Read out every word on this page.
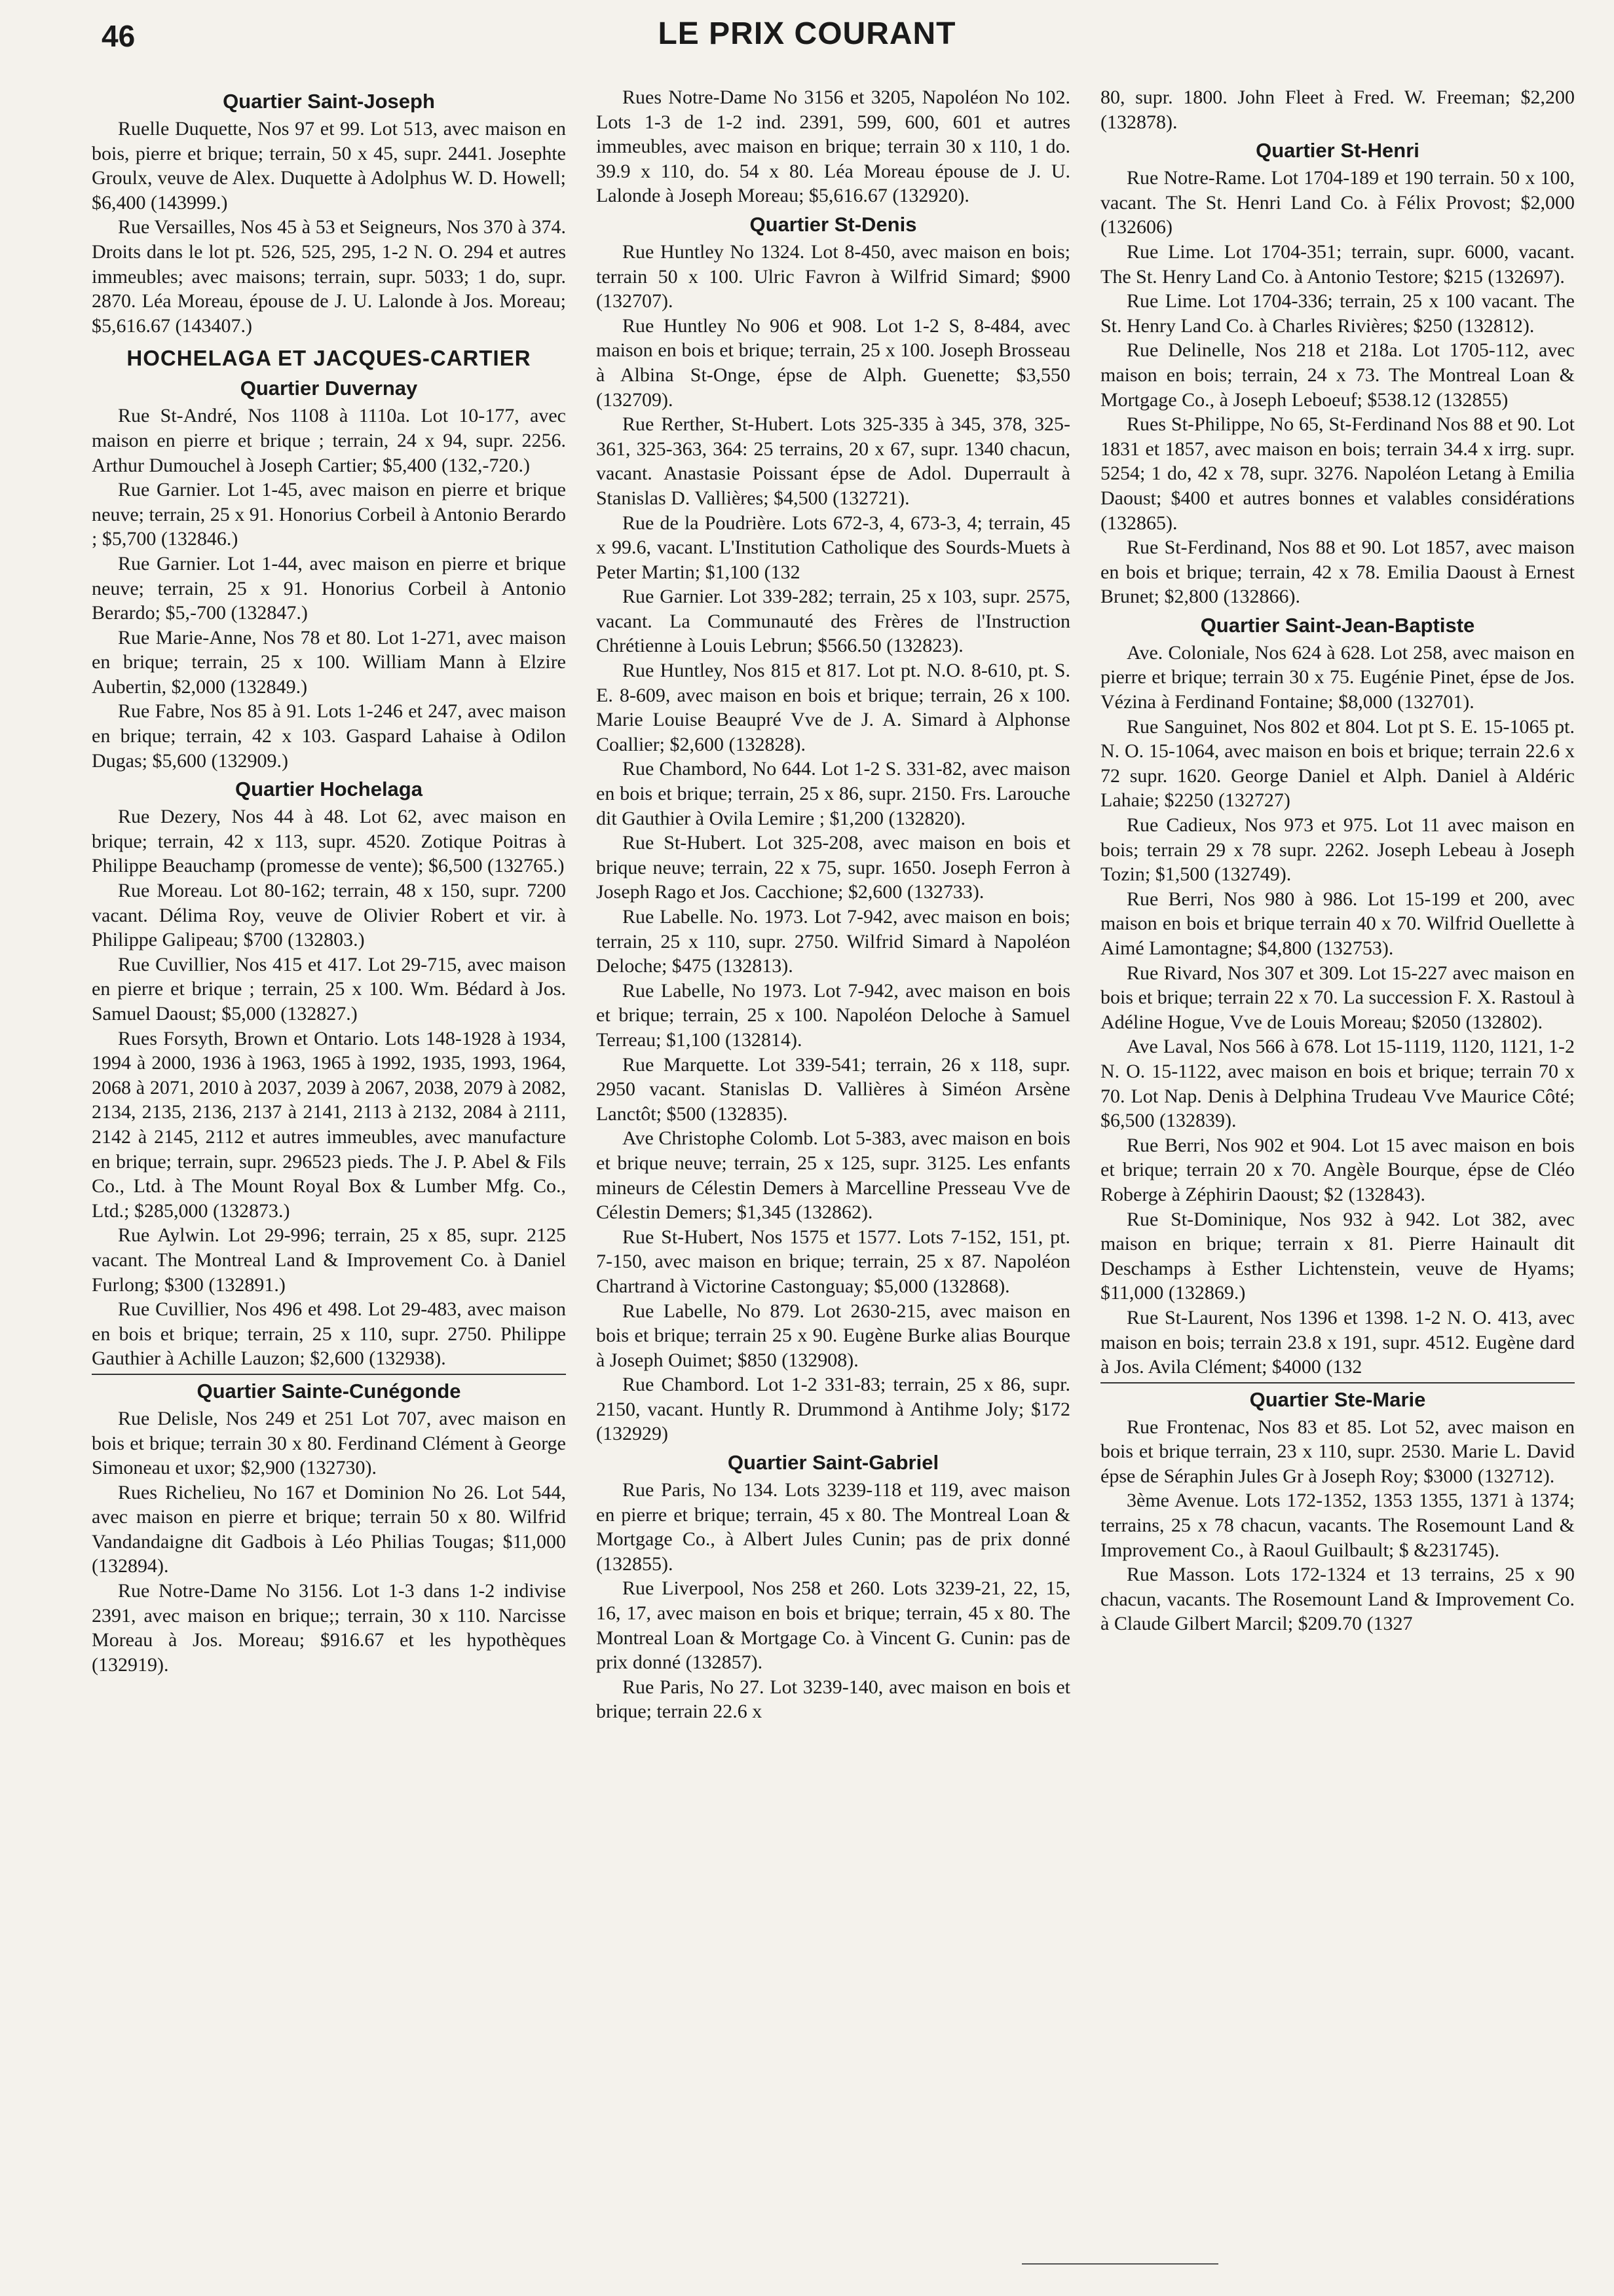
46	LE PRIX COURANT
Quartier Saint-Joseph

Ruelle Duquette, Nos 97 et 99. Lot 513, avec maison en bois, pierre et brique; terrain, 50 x 45, supr. 2441. Josephte Groulx, veuve de Alex. Duquette à Adolphus W. D. Howell; $6,400 (143999.)

Rue Versailles, Nos 45 à 53 et Seigneurs, Nos 370 à 374. Droits dans le lot pt. 526, 525, 295, 1-2 N. O. 294 et autres immeubles; avec maisons; terrain, supr. 5033; 1 do, supr. 2870. Léa Moreau, épouse de J. U. Lalonde à Jos. Moreau; $5,616.67 (143407.)

HOCHELAGA ET JACQUES-CARTIER
Quartier Duvernay

Rue St-André, Nos 1108 à 1110a. Lot 10-177, avec maison en pierre et brique ; terrain, 24 x 94, supr. 2256. Arthur Dumouchel à Joseph Cartier; $5,400 (132,-720.)

Rue Garnier. Lot 1-45, avec maison en pierre et brique neuve; terrain, 25 x 91. Honorius Corbeil à Antonio Berardo ; $5,700 (132846.)

Rue Garnier. Lot 1-44, avec maison en pierre et brique neuve; terrain, 25 x 91. Honorius Corbeil à Antonio Berardo; $5,-700 (132847.)

Rue Marie-Anne, Nos 78 et 80. Lot 1-271, avec maison en brique; terrain, 25 x 100. William Mann à Elzire Aubertin, $2,000 (132849.)

Rue Fabre, Nos 85 à 91. Lots 1-246 et 247, avec maison en brique; terrain, 42 x 103. Gaspard Lahaise à Odilon Dugas; $5,600 (132909.)

Quartier Hochelaga

Rue Dezery, Nos 44 à 48. Lot 62, avec maison en brique; terrain, 42 x 113, supr. 4520. Zotique Poitras à Philippe Beauchamp (promesse de vente); $6,500 (132765.)

Rue Moreau. Lot 80-162; terrain, 48 x 150, supr. 7200 vacant. Délima Roy, veuve de Olivier Robert et vir. à Philippe Galipeau; $700 (132803.)

Rue Cuvillier, Nos 415 et 417. Lot 29-715, avec maison en pierre et brique ; terrain, 25 x 100. Wm. Bédard à Jos. Samuel Daoust; $5,000 (132827.)

Rues Forsyth, Brown et Ontario. Lots 148-1928 à 1934, 1994 à 2000, 1936 à 1963, 1965 à 1992, 1935, 1993, 1964, 2068 à 2071, 2010 à 2037, 2039 à 2067, 2038, 2079 à 2082, 2134, 2135, 2136, 2137 à 2141, 2113 à 2132, 2084 à 2111, 2142 à 2145, 2112 et autres immeubles, avec manufacture en brique; terrain, supr. 296523 pieds. The J. P. Abel & Fils Co., Ltd. à The Mount Royal Box & Lumber Mfg. Co., Ltd.; $285,000 (132873.)

Rue Aylwin. Lot 29-996; terrain, 25 x 85, supr. 2125 vacant. The Montreal Land & Improvement Co. à Daniel Furlong; $300 (132891.)

Rue Cuvillier, Nos 496 et 498. Lot 29-483, avec maison en bois et brique; terrain, 25 x 110, supr. 2750. Philippe Gauthier à Achille Lauzon; $2,600 (132938).

Quartier Sainte-Cunégonde

Rue Delisle, Nos 249 et 251 Lot 707, avec maison en bois et brique; terrain 30 x 80. Ferdinand Clément à George Simoneau et uxor; $2,900 (132730).

Rues Richelieu, No 167 et Dominion No 26. Lot 544, avec maison en pierre et brique; terrain 50 x 80. Wilfrid Vandandaigne dit Gadbois à Léo Philias Tougas; $11,000 (132894).

Rue Notre-Dame No 3156. Lot 1-3 dans 1-2 indivise 2391, avec maison en brique;; terrain, 30 x 110. Narcisse Moreau à Jos. Moreau; $916.67 et les hypothèques (132919).

Rues Notre-Dame No 3156 et 3205, Napoléon No 102. Lots 1-3 de 1-2 ind. 2391, 599, 600, 601 et autres immeubles, avec maison en brique; terrain 30 x 110, 1 do. 39.9 x 110, do. 54 x 80. Léa Moreau épouse de J. U. Lalonde à Joseph Moreau; $5,616.67 (132920).

Quartier St-Denis

Rue Huntley No 1324. Lot 8-450, avec maison en bois; terrain 50 x 100. Ulric Favron à Wilfrid Simard; $900 (132707).

Rue Huntley No 906 et 908. Lot 1-2 S, 8-484, avec maison en bois et brique; terrain, 25 x 100. Joseph Brosseau à Albina St-Onge, épse de Alph. Guenette; $3,550 (132709).

Rue Rerther, St-Hubert. Lots 325-335 à 345, 378, 325-361, 325-363, 364: 25 terrains, 20 x 67, supr. 1340 chacun, vacant. Anastasie Poissant épse de Adol. Duperrault à Stanislas D. Vallières; $4,500 (132721).

Rue de la Poudrière. Lots 672-3, 4, 673-3, 4; terrain, 45 x 99.6, vacant. L'Institution Catholique des Sourds-Muets à Peter Martin; $1,100 (132

Rue Garnier. Lot 339-282; terrain, 25 x 103, supr. 2575, vacant. La Communauté des Frères de l'Instruction Chrétienne à Louis Lebrun; $566.50 (132823).

Rue Huntley, Nos 815 et 817. Lot pt. N.O. 8-610, pt. S. E. 8-609, avec maison en bois et brique; terrain, 26 x 100. Marie Louise Beaupré Vve de J. A. Simard à Alphonse Coallier; $2,600 (132828).

Rue Chambord, No 644. Lot 1-2 S. 331-82, avec maison en bois et brique; terrain, 25 x 86, supr. 2150. Frs. Larouche dit Gauthier à Ovila Lemire ; $1,200 (132820).

Rue St-Hubert. Lot 325-208, avec maison en bois et brique neuve; terrain, 22 x 75, supr. 1650. Joseph Ferron à Joseph Rago et Jos. Cacchione; $2,600 (132733).

Rue Labelle. No. 1973. Lot 7-942, avec maison en bois; terrain, 25 x 110, supr. 2750. Wilfrid Simard à Napoléon Deloche; $475 (132813).

Rue Labelle, No 1973. Lot 7-942, avec maison en bois et brique; terrain, 25 x 100. Napoléon Deloche à Samuel Terreau; $1,100 (132814).

Rue Marquette. Lot 339-541; terrain, 26 x 118, supr. 2950 vacant. Stanislas D. Vallières à Siméon Arsène Lanctôt; $500 (132835).

Ave Christophe Colomb. Lot 5-383, avec maison en bois et brique neuve; terrain, 25 x 125, supr. 3125. Les enfants mineurs de Célestin Demers à Marcelline Presseau Vve de Célestin Demers; $1,345 (132862).

Rue St-Hubert, Nos 1575 et 1577. Lots 7-152, 151, pt. 7-150, avec maison en brique; terrain, 25 x 87. Napoléon Chartrand à Victorine Castonguay; $5,000 (132868).

Rue Labelle, No 879. Lot 2630-215, avec maison en bois et brique; terrain 25 x 90. Eugène Burke alias Bourque à Joseph Ouimet; $850 (132908).

Rue Chambord. Lot 1-2 331-83; terrain, 25 x 86, supr. 2150, vacant. Huntly R. Drummond à Antihme Joly; $172 (132929)

Quartier Saint-Gabriel

Rue Paris, No 134. Lots 3239-118 et 119, avec maison en pierre et brique; terrain, 45 x 80. The Montreal Loan & Mortgage Co., à Albert Jules Cunin; pas de prix donné (132855).

Rue Liverpool, Nos 258 et 260. Lots 3239-21, 22, 15, 16, 17, avec maison en bois et brique; terrain, 45 x 80. The Montreal Loan & Mortgage Co. à Vincent G. Cunin: pas de prix donné (132857).

Rue Paris, No 27. Lot 3239-140, avec maison en bois et brique; terrain 22.6 x

80, supr. 1800. John Fleet à Fred. W. Freeman; $2,200 (132878).

Quartier St-Henri

Rue Notre-Rame. Lot 1704-189 et 190 terrain. 50 x 100, vacant. The St. Henri Land Co. à Félix Provost; $2,000 (132606)

Rue Lime. Lot 1704-351; terrain, supr. 6000, vacant. The St. Henry Land Co. à Antonio Testore; $215 (132697).

Rue Lime. Lot 1704-336; terrain, 25 x 100 vacant. The St. Henry Land Co. à Charles Rivières; $250 (132812).

Rue Delinelle, Nos 218 et 218a. Lot 1705-112, avec maison en bois; terrain, 24 x 73. The Montreal Loan & Mortgage Co., à Joseph Leboeuf; $538.12 (132855)

Rues St-Philippe, No 65, St-Ferdinand Nos 88 et 90. Lot 1831 et 1857, avec maison en bois; terrain 34.4 x irrg. supr. 5254; 1 do, 42 x 78, supr. 3276. Napoléon Letang à Emilia Daoust; $400 et autres bonnes et valables considérations (132865).

Rue St-Ferdinand, Nos 88 et 90. Lot 1857, avec maison en bois et brique; terrain, 42 x 78. Emilia Daoust à Ernest Brunet; $2,800 (132866).

Quartier Saint-Jean-Baptiste

Ave. Coloniale, Nos 624 à 628. Lot 258, avec maison en pierre et brique; terrain 30 x 75. Eugénie Pinet, épse de Jos. Vézina à Ferdinand Fontaine; $8,000 (132701).

Rue Sanguinet, Nos 802 et 804. Lot pt S. E. 15-1065 pt. N. O. 15-1064, avec maison en bois et brique; terrain 22.6 x 72 supr. 1620. George Daniel et Alph. Daniel à Aldéric Lahaie; $2250 (132727)

Rue Cadieux, Nos 973 et 975. Lot 11 avec maison en bois; terrain 29 x 78 supr. 2262. Joseph Lebeau à Joseph Tozin; $1,500 (132749).

Rue Berri, Nos 980 à 986. Lot 15-199 et 200, avec maison en bois et brique terrain 40 x 70. Wilfrid Ouellette à Aimé Lamontagne; $4,800 (132753).

Rue Rivard, Nos 307 et 309. Lot 15-227 avec maison en bois et brique; terrain 22 x 70. La succession F. X. Rastoul à Adéline Hogue, Vve de Louis Moreau; $2050 (132802).

Ave Laval, Nos 566 à 678. Lot 15-1119, 1120, 1121, 1-2 N. O. 15-1122, avec maison en bois et brique; terrain 70 x 70. Lot Nap. Denis à Delphina Trudeau Vve Maurice Côté; $6,500 (132839).

Rue Berri, Nos 902 et 904. Lot 15 avec maison en bois et brique; terrain 20 x 70. Angèle Bourque, épse de Cléo Roberge à Zéphirin Daoust; $2 (132843).

Rue St-Dominique, Nos 932 à 942. Lot 382, avec maison en brique; terrain x 81. Pierre Hainault dit Deschamps à Esther Lichtenstein, veuve de Hyams; $11,000 (132869.)

Rue St-Laurent, Nos 1396 et 1398. 1-2 N. O. 413, avec maison en bois; terrain 23.8 x 191, supr. 4512. Eugène dard à Jos. Avila Clément; $4000 (132

Quartier Ste-Marie

Rue Frontenac, Nos 83 et 85. Lot 52, avec maison en bois et brique terrain, 23 x 110, supr. 2530. Marie L. David épse de Séraphin Jules Gr à Joseph Roy; $3000 (132712).

3ème Avenue. Lots 172-1352, 1353 1355, 1371 à 1374; terrains, 25 x 78 chacun, vacants. The Rosemount Land & Improvement Co., à Raoul Guilbault; $ &231745).

Rue Masson. Lots 172-1324 et 13 terrains, 25 x 90 chacun, vacants. The Rosemount Land & Improvement Co. à Claude Gilbert Marcil; $209.70 (1327
